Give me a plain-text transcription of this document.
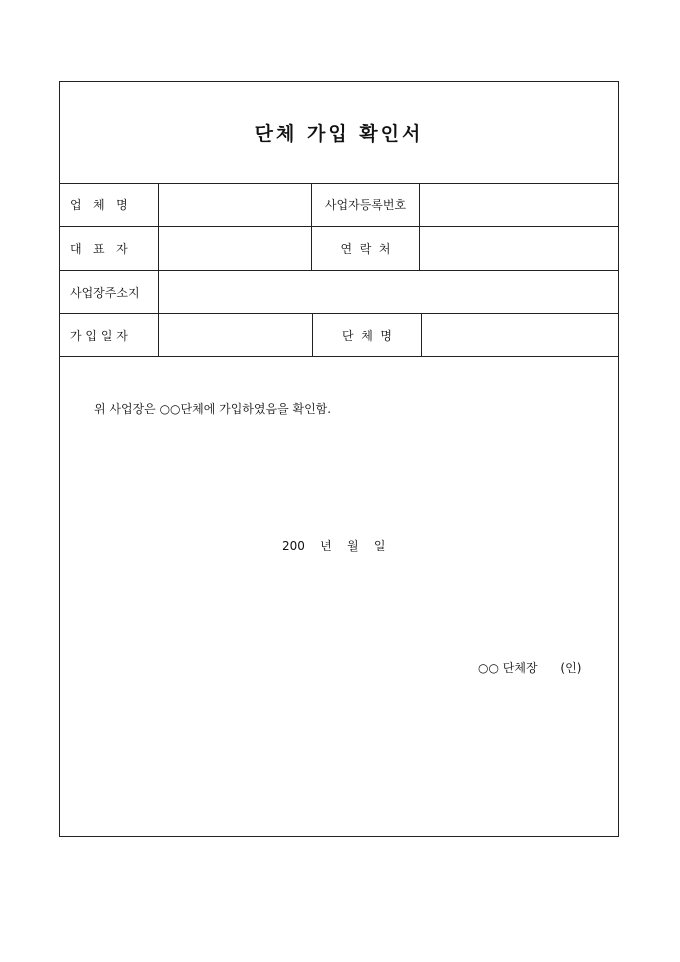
단체 가입 확인서
업   체   명	사업자등록번호
대   표   자	연  락  처
사업장주소지
가 입 일 자	단  체  명
위 사업장은 ○○단체에 가입하였음을 확인함.
200    년    월    일
○○ 단체장      (인)
